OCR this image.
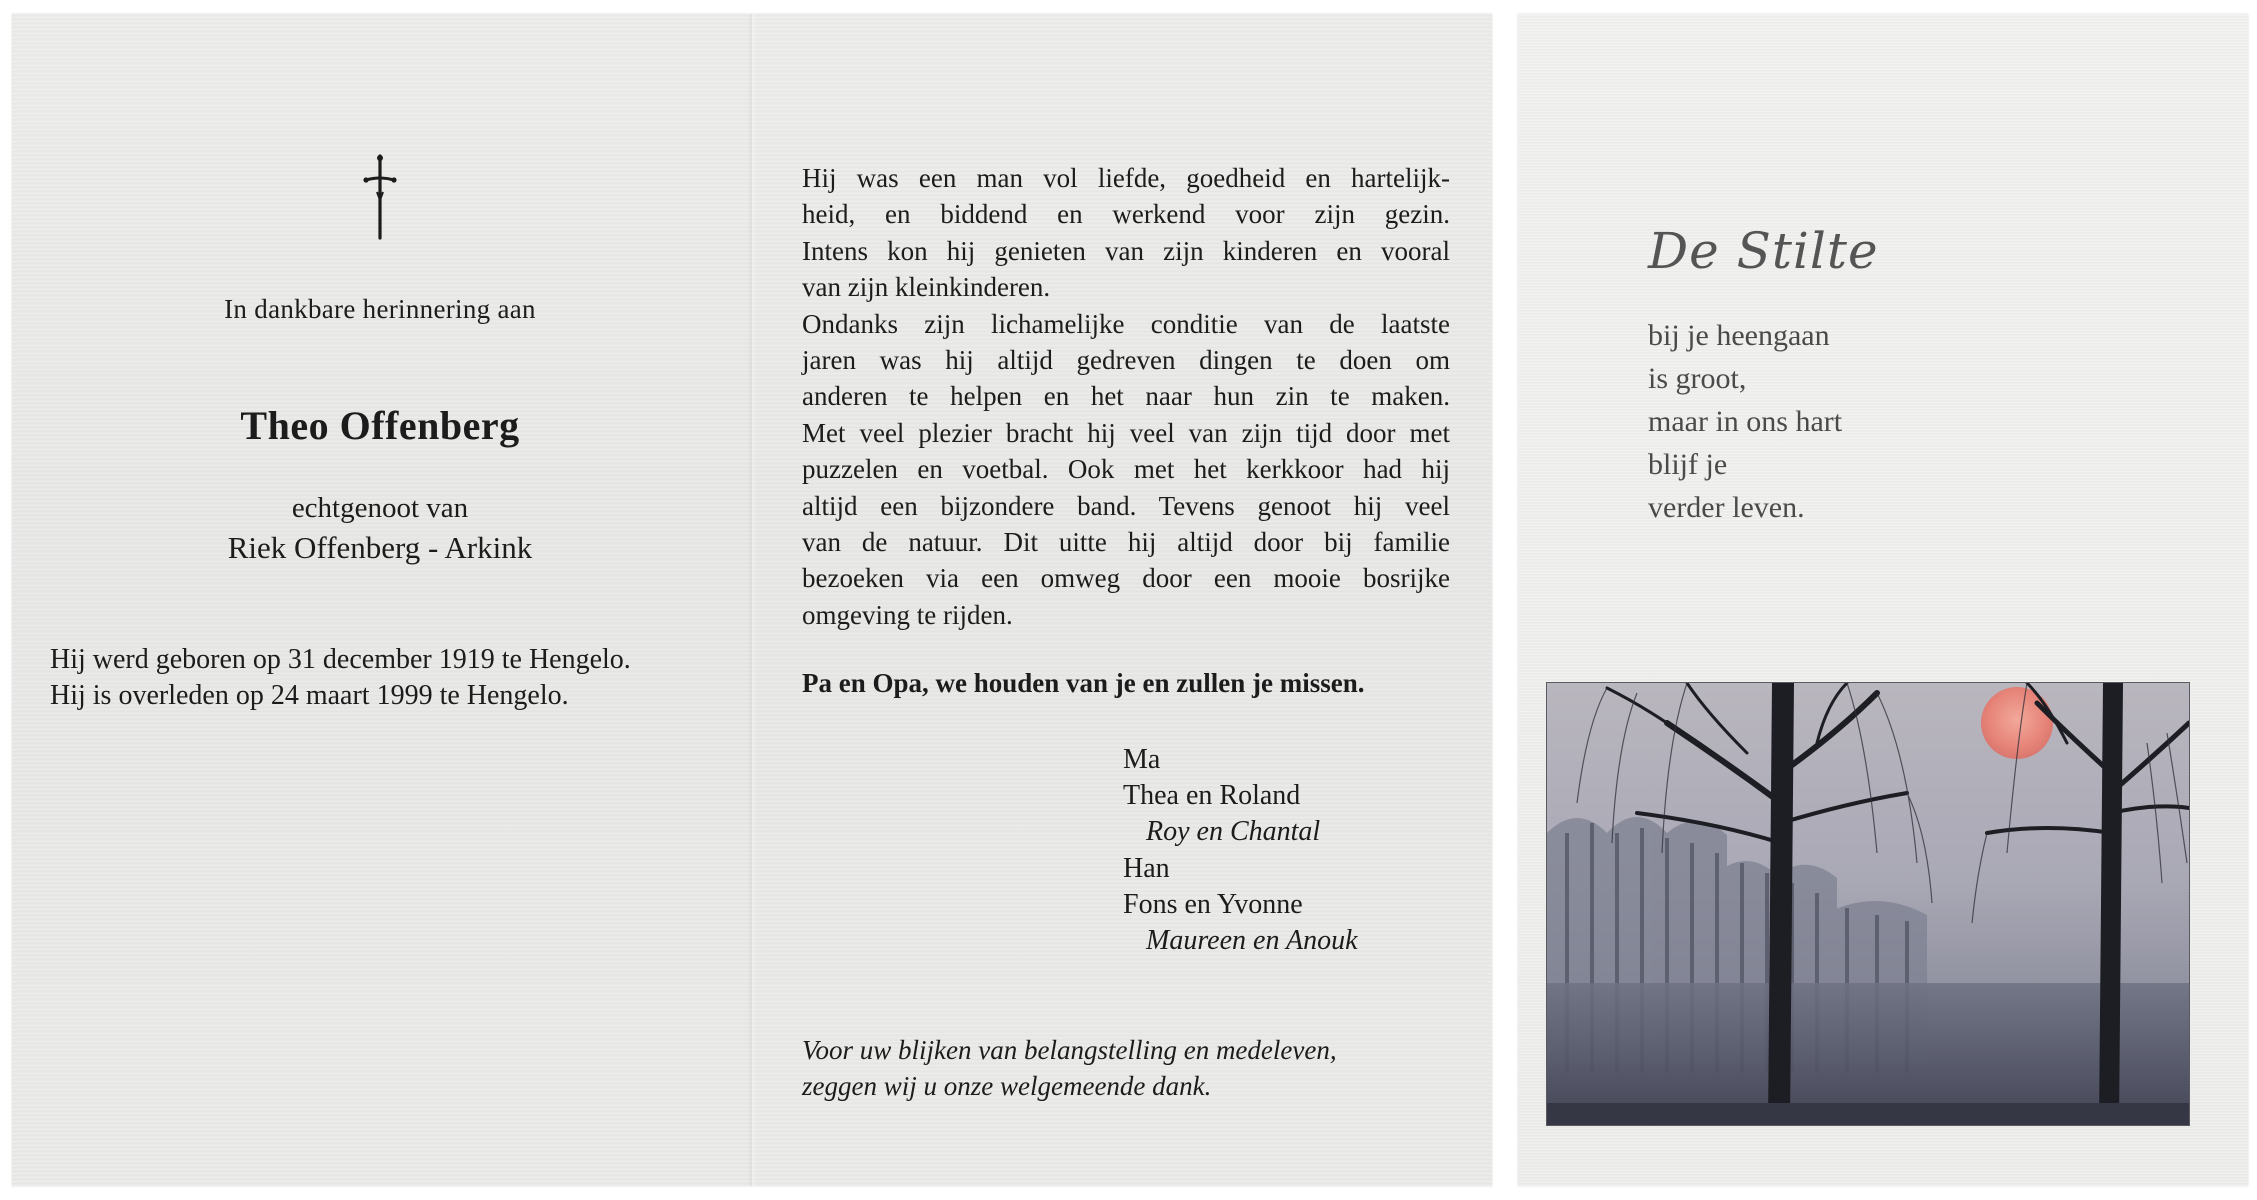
In dankbare herinnering aan
Theo Offenberg
echtgenoot van
Riek Offenberg - Arkink
Hij werd geboren op 31 december 1919 te Hengelo.
Hij is overleden op 24 maart 1999 te Hengelo.
Hij was een man vol liefde, goedheid en hartelijk-
heid, en biddend en werkend voor zijn gezin.
Intens kon hij genieten van zijn kinderen en vooral
van zijn kleinkinderen.
Ondanks zijn lichamelijke conditie van de laatste
jaren was hij altijd gedreven dingen te doen om
anderen te helpen en het naar hun zin te maken.
Met veel plezier bracht hij veel van zijn tijd door met
puzzelen en voetbal. Ook met het kerkkoor had hij
altijd een bijzondere band. Tevens genoot hij veel
van de natuur. Dit uitte hij altijd door bij familie
bezoeken via een omweg door een mooie bosrijke
omgeving te rijden.
Pa en Opa, we houden van je en zullen je missen.
Ma
Thea en Roland
Roy en Chantal
Han
Fons en Yvonne
Maureen en Anouk
Voor uw blijken van belangstelling en medeleven,
zeggen wij u onze welgemeende dank.
De Stilte
bij je heengaan
is groot,
maar in ons hart
blijf je
verder leven.
